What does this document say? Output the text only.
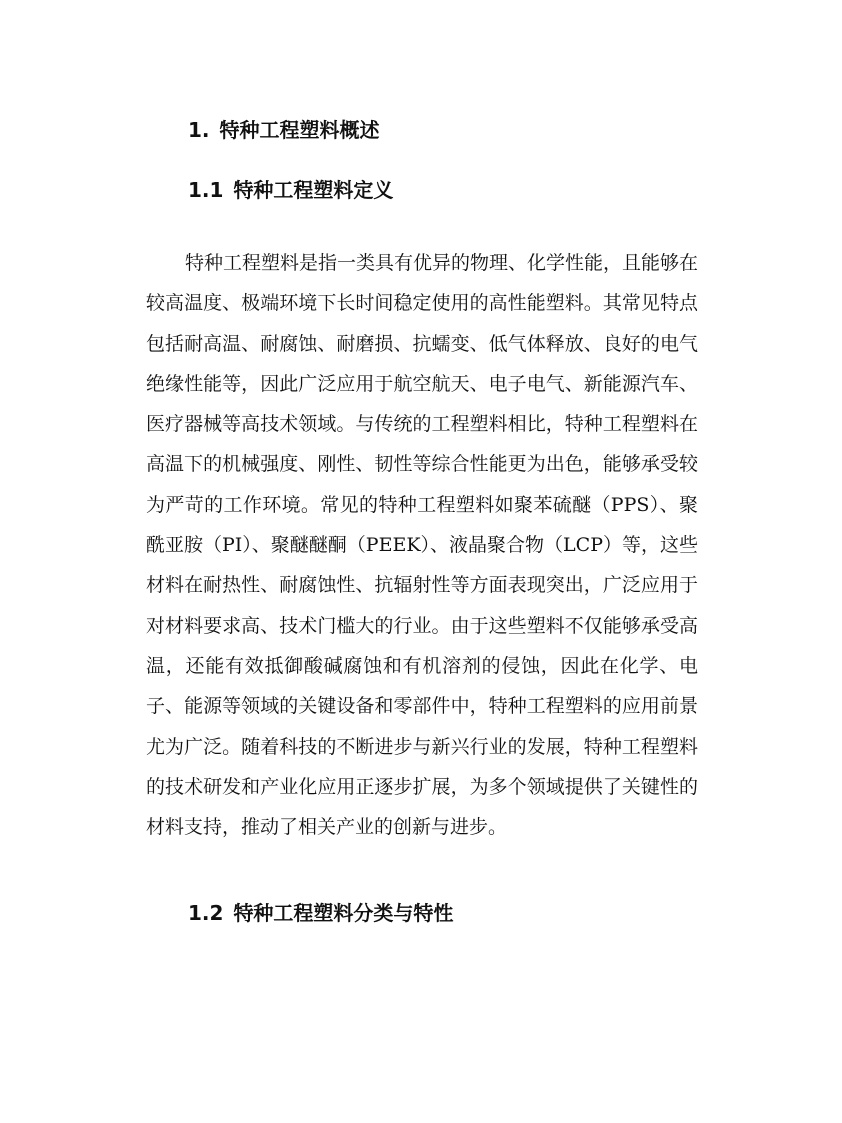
1. 特种工程塑料概述
1.1 特种工程塑料定义

特种工程塑料是指一类具有优异的物理、化学性能，且能够在较高温度、极端环境下长时间稳定使用的高性能塑料。其常见特点包括耐高温、耐腐蚀、耐磨损、抗蠕变、低气体释放、良好的电气绝缘性能等，因此广泛应用于航空航天、电子电气、新能源汽车、医疗器械等高技术领域。与传统的工程塑料相比，特种工程塑料在高温下的机械强度、刚性、韧性等综合性能更为出色，能够承受较为严苛的工作环境。常见的特种工程塑料如聚苯硫醚（PPS）、聚酰亚胺（PI）、聚醚醚酮（PEEK）、液晶聚合物（LCP）等，这些材料在耐热性、耐腐蚀性、抗辐射性等方面表现突出，广泛应用于对材料要求高、技术门槛大的行业。由于这些塑料不仅能够承受高温，还能有效抵御酸碱腐蚀和有机溶剂的侵蚀，因此在化学、电子、能源等领域的关键设备和零部件中，特种工程塑料的应用前景尤为广泛。随着科技的不断进步与新兴行业的发展，特种工程塑料的技术研发和产业化应用正逐步扩展，为多个领域提供了关键性的材料支持，推动了相关产业的创新与进步。

1.2 特种工程塑料分类与特性
